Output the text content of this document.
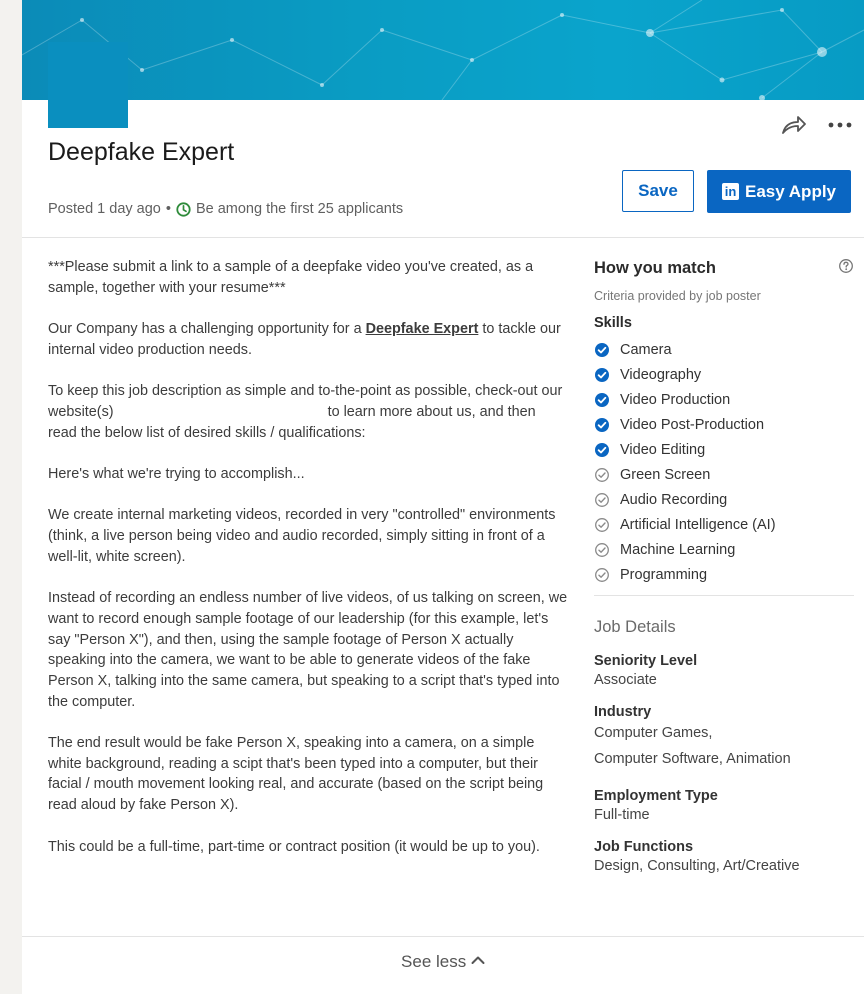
Deepfake Expert
Posted 1 day ago • Be among the first 25 applicants
Save	in Easy Apply

***Please submit a link to a sample of a deepfake video you've created, as a sample, together with your resume***

Our Company has a challenging opportunity for a Deepfake Expert to tackle our internal video production needs.

To keep this job description as simple and to-the-point as possible, check-out our website(s)	to learn more about us, and then read the below list of desired skills / qualifications:

Here's what we're trying to accomplish...

We create internal marketing videos, recorded in very "controlled" environments (think, a live person being video and audio recorded, simply sitting in front of a well-lit, white screen).

Instead of recording an endless number of live videos, of us talking on screen, we want to record enough sample footage of our leadership (for this example, let's say "Person X"), and then, using the sample footage of Person X actually speaking into the camera, we want to be able to generate videos of the fake Person X, talking into the same camera, but speaking to a script that's typed into the computer.

The end result would be fake Person X, speaking into a camera, on a simple white background, reading a scipt that's been typed into a computer, but their facial / mouth movement looking real, and accurate (based on the script being read aloud by fake Person X).

This could be a full-time, part-time or contract position (it would be up to you).

How you match
Criteria provided by job poster
Skills
Camera
Videography
Video Production
Video Post-Production
Video Editing
Green Screen
Audio Recording
Artificial Intelligence (AI)
Machine Learning
Programming
Job Details
Seniority Level
Associate
Industry
Computer Games,
Computer Software, Animation
Employment Type
Full-time
Job Functions
Design, Consulting, Art/Creative
See less
